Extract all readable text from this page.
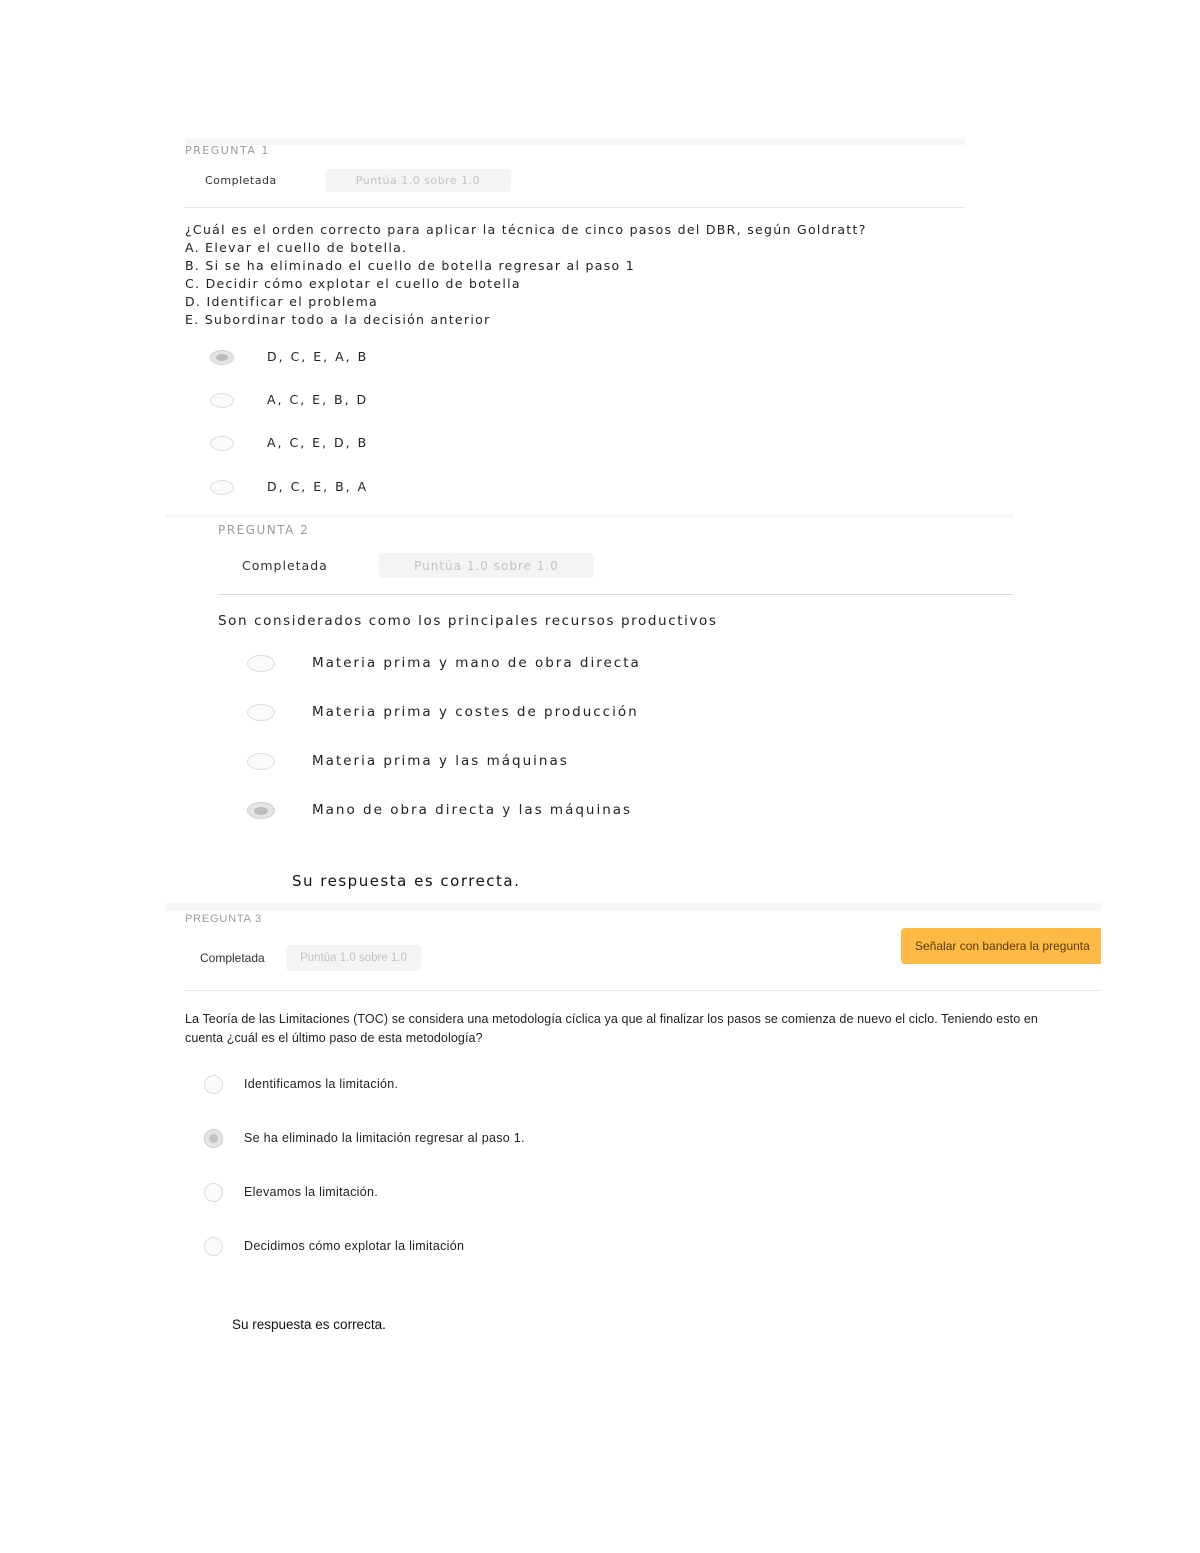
PREGUNTA 1
Completada	Puntúa 1.0 sobre 1.0
¿Cuál es el orden correcto para aplicar la técnica de cinco pasos del DBR, según Goldratt?
A. Elevar el cuello de botella.
B. Si se ha eliminado el cuello de botella regresar al paso 1
C. Decidir cómo explotar el cuello de botella
D. Identificar el problema
E. Subordinar todo a la decisión anterior
D, C, E, A, B
A, C, E, B, D
A, C, E, D, B
D, C, E, B, A
PREGUNTA 2
Completada	Puntúa 1.0 sobre 1.0
Son considerados como los principales recursos productivos
Materia prima y mano de obra directa
Materia prima y costes de producción
Materia prima y las máquinas
Mano de obra directa y las máquinas
Su respuesta es correcta.
PREGUNTA 3
Completada	Puntúa 1.0 sobre 1.0
Señalar con bandera la pregunta
La Teoría de las Limitaciones (TOC) se considera una metodología cíclica ya que al finalizar los pasos se comienza de nuevo el ciclo. Teniendo esto en
cuenta ¿cuál es el último paso de esta metodología?
Identificamos la limitación.
Se ha eliminado la limitación regresar al paso 1.
Elevamos la limitación.
Decidimos cómo explotar la limitación
Su respuesta es correcta.
